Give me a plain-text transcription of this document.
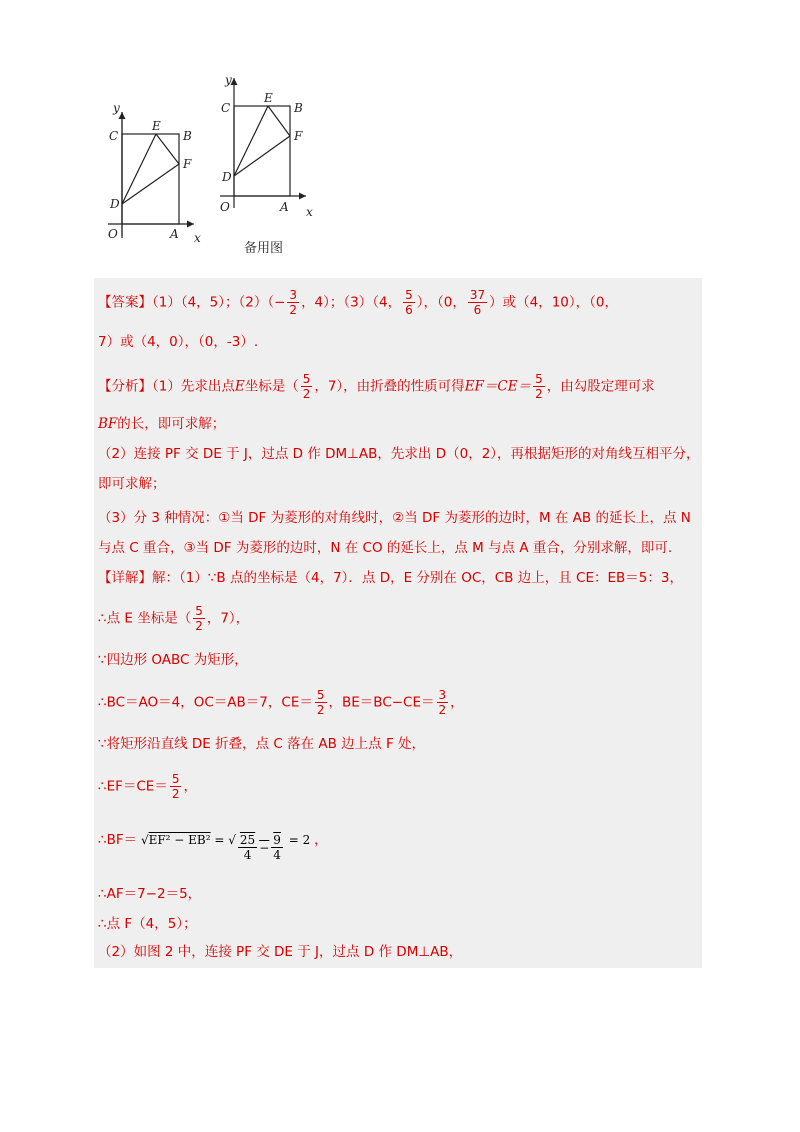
y
x
O	A
B
C
D
E
F
y
x
O	A
B
C
D
E
F
备用图
【答案】（1）（4，5）；$(2)(- \frac{3}{2}$ ，4）；（3）（4， $\frac{5}{6}$ ），（0， $\frac{37}{6}$ ）或（4，10），（0，
7）或（4，0），（0，-3）.
【分析】（1）先求出点E坐标是（ $\frac{5}{2}$ ，7），由折叠的性质可得$EF=CE= \frac{5}{2}$ ，由勾股定理可求
BF的长，即可求解；
（2）连接 PF 交 DE 于 J，过点 D 作 DM⊥AB，先求出 D（0，2），再根据矩形的对角线互相平分，
即可求解；
（3）分 3 种情况：①当 DF 为菱形的对角线时，②当 DF 为菱形的边时，M 在 AB 的延长上，点 N
与点 C 重合，③当 DF 为菱形的边时，N 在 CO 的延长上，点 M 与点 A 重合，分别求解，即可.
【详解】解：（1）∵B 点的坐标是（4，7）．点 D，E 分别在 OC，CB 边上，且 CE：EB＝5：3，
∴点 E 坐标是（ $\frac{5}{2}$ ，7），
∵四边形 OABC 为矩形，
∴BC＝AO＝4，OC＝AB＝7，$CE= \frac{5}{2}$ ，$BE=BC-CE= \frac{3}{2}$ ，
∵将矩形沿直线 DE 折叠，点 C 落在 AB 边上点 F 处，
∴EF＝CE＝ $\frac{5}{2}$ ，
∴BF＝ √EF² − EB² = √ $\frac{25}{4} - \frac{9}{4} = 2$ ，
∴AF＝7−2＝5，
∴点 F（4，5）；
（2）如图 2 中，连接 PF 交 DE 于 J，过点 D 作 DM⊥AB，
